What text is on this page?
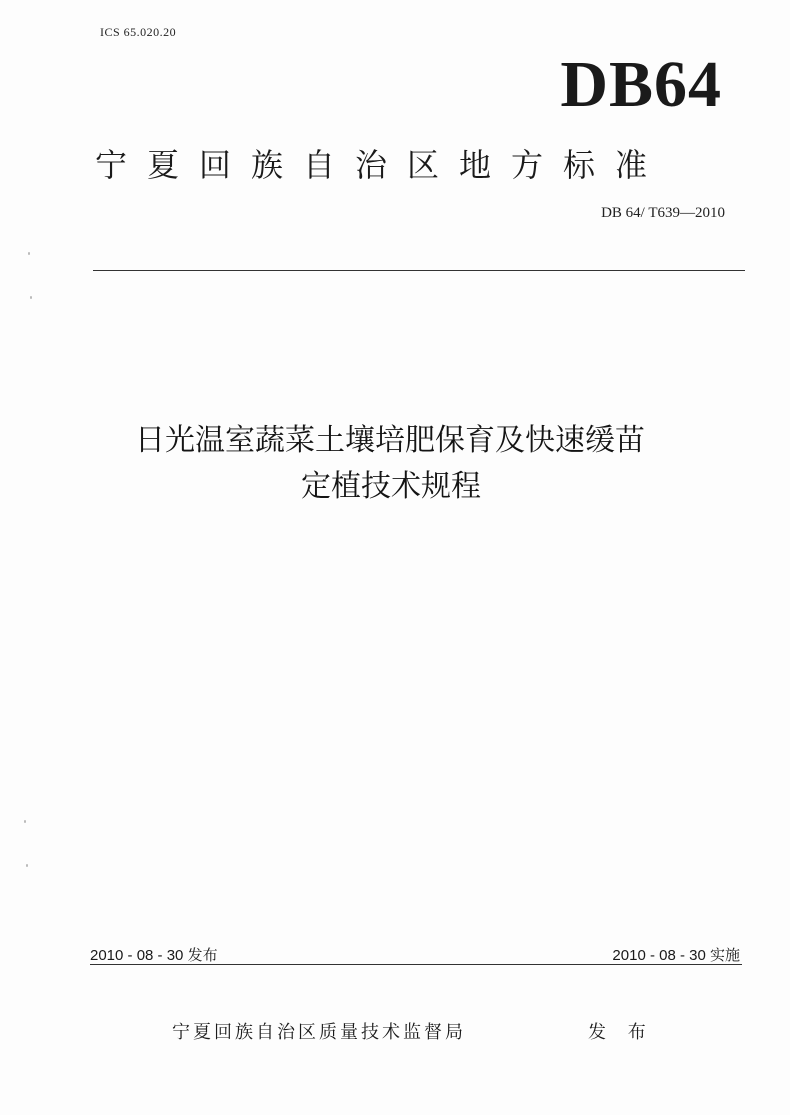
ICS 65.020.20
DB64
宁夏回族自治区地方标准
DB 64/ T639—2010
日光温室蔬菜土壤培肥保育及快速缓苗
定植技术规程
2010 - 08 - 30 发布	2010 - 08 - 30 实施
宁夏回族自治区质量技术监督局	发 布
